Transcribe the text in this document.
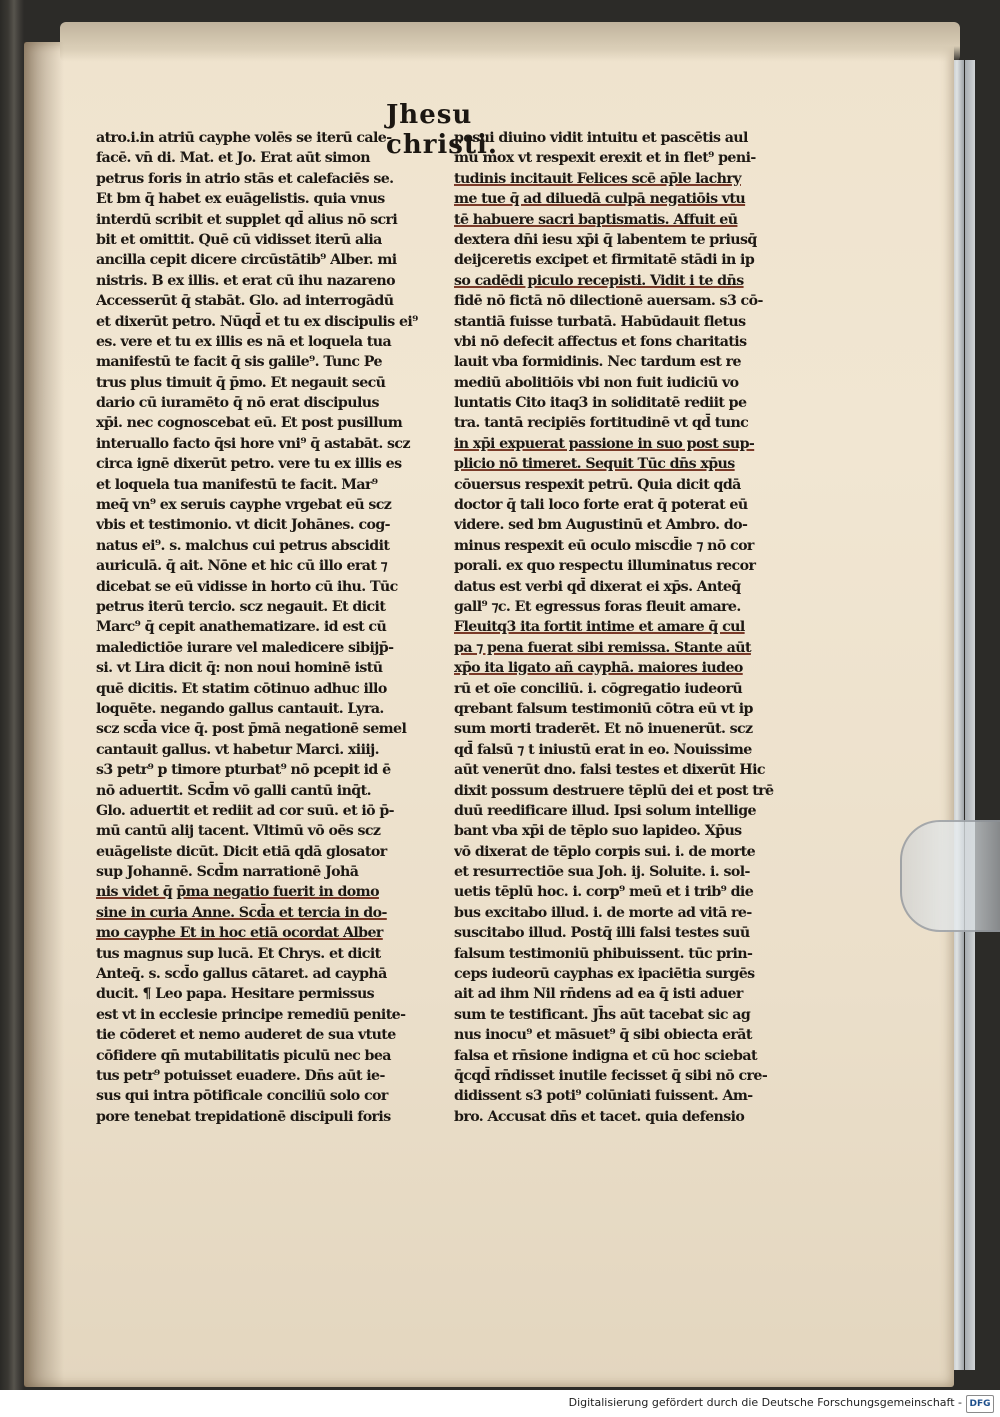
Jhesu christi.
atro.i.in atriū cayphe volēs se iterū cale-
facē. vn̄ di. Mat. et Jo. Erat aūt simon
petrus foris in atrio stās et calefaciēs se.
Et bm q̄ habet ex euāgelistis. quia vnus
interdū scribit et supplet qd̄ alius nō scri
bit et omittit. Quē cū vidisset iterū alia
ancilla cepit dicere circūstātib⁹ Alber. mi
nistris. B ex illis. et erat cū ihu nazareno
Accesserūt q̄ stabāt. Glo. ad interrogādū
et dixerūt petro. Nūqd̄ et tu ex discipulis ei⁹
es. vere et tu ex illis es nā et loquela tua
manifestū te facit q̄ sis galile⁹. Tunc Pe
trus plus timuit q̄ p̄mo. Et negauit secū
dario cū iuramēto q̄ nō erat discipulus
xp̄i. nec cognoscebat eū. Et post pusillum
interuallo facto q̄si hore vni⁹ q̄ astabāt. scz
circa ignē dixerūt petro. vere tu ex illis es
et loquela tua manifestū te facit. Mar⁹
meq̄ vn⁹ ex seruis cayphe vrgebat eū scz
vbis et testimonio. vt dicit Johānes. cog-
natus ei⁹. s. malchus cui petrus abscidit
auriculā. q̄ ait. Nōne et hic cū illo erat ⁊
dicebat se eū vidisse in horto cū ihu. Tūc
petrus iterū tercio. scz negauit. Et dicit
Marc⁹ q̄ cepit anathematizare. id est cū
maledictiōe iurare vel maledicere sibijp̄-
si. vt Lira dicit q̄: non noui hominē istū
quē dicitis. Et statim cōtinuo adhuc illo
loquēte. negando gallus cantauit. Lyra.
scz scd̄a vice q̄. post p̄mā negationē semel
cantauit gallus. vt habetur Marci. xiiij.
s3 petr⁹ p timore pturbat⁹ nō pcepit id ē
nō aduertit. Scd̄m vō galli cantū inq̄t.
Glo. aduertit et rediit ad cor suū. et iō p̄-
mū cantū alij tacent. Vltimū vō oēs scz
euāgeliste dicūt. Dicit etiā qdā glosator
sup Johannē. Scd̄m narrationē Johā
nis videt q̄ p̄ma negatio fuerit in domo
sine in curia Anne. Scd̄a et tercia in do-
mo cayphe Et in hoc etiā ocordat Alber
tus magnus sup lucā. Et Chrys. et dicit
Anteq̄. s. scd̄o gallus cātaret. ad cayphā
ducit. ¶ Leo papa. Hesitare permissus
est vt in ecclesie principe remediū penite-
tie cōderet et nemo auderet de sua vtute
cōfidere qn̄ mutabilitatis piculū nec bea
tus petr⁹ potuisset euadere. Dn̄s aūt ie-
sus qui intra pōtificale conciliū solo cor
pore tenebat trepidationē discipuli foris
posui diuino vidit intuitu et pascētis aul
mū mox vt respexit erexit et in flet⁹ peni-
tudinis incitauit Felices scē ap̄le lachry
me tue q̄ ad diluedā culpā negatiōis vtu
tē habuere sacri baptismatis. Affuit eū
dextera dn̄i iesu xp̄i q̄ labentem te priusq̄
deijceretis excipet et firmitatē stādi in ip
so cadēdi piculo recepisti. Vidit i te dn̄s
fidē nō fictā nō dilectionē auersam. s3 cō-
stantiā fuisse turbatā. Habūdauit fletus
vbi nō defecit affectus et fons charitatis
lauit vba formidinis. Nec tardum est re
mediū abolitiōis vbi non fuit iudiciū vo
luntatis Cito itaq3 in soliditatē rediit pe
tra. tantā recipiēs fortitudinē vt qd̄ tunc
in xp̄i expuerat passione in suo post sup-
plicio nō timeret. Sequit Tūc dn̄s xp̄us
cōuersus respexit petrū. Quia dicit qdā
doctor q̄ tali loco forte erat q̄ poterat eū
videre. sed bm Augustinū et Ambro. do-
minus respexit eū oculo miscd̄ie ⁊ nō cor
porali. ex quo respectu illuminatus recor
datus est verbi qd̄ dixerat ei xp̄s. Anteq̄
gall⁹ ⁊c. Et egressus foras fleuit amare.
Fleuitq3 ita fortit intime et amare q̄ cul
pa ⁊ pena fuerat sibi remissa. Stante aūt
xp̄o ita ligato añ cayphā. maiores iudeo
rū et oīe conciliū. i. cōgregatio iudeorū
qrebant falsum testimoniū cōtra eū vt ip
sum morti traderēt. Et nō inuenerūt. scz
qd̄ falsū ⁊ t iniustū erat in eo. Nouissime
aūt venerūt dno. falsi testes et dixerūt Hic
dixit possum destruere tēplū dei et post trē
duū reedificare illud. Ipsi solum intellige
bant vba xp̄i de tēplo suo lapideo. Xp̄us
vō dixerat de tēplo corpis sui. i. de morte
et resurrectiōe sua Joh. ij. Soluite. i. sol-
uetis tēplū hoc. i. corp⁹ meū et i trib⁹ die
bus excitabo illud. i. de morte ad vitā re-
suscitabo illud. Postq̄ illi falsi testes suū
falsum testimoniū phibuissent. tūc prin-
ceps iudeorū cayphas ex ipaciētia surgēs
ait ad ihm Nil rn̄dens ad ea q̄ isti aduer
sum te testificant. Jh̄s aūt tacebat sic ag
nus inocu⁹ et māsuet⁹ q̄ sibi obiecta erāt
falsa et rn̄sione indigna et cū hoc sciebat
q̄cqd̄ rn̄disset inutile fecisset q̄ sibi nō cre-
didissent s3 poti⁹ colūniati fuissent. Am-
bro. Accusat dn̄s et tacet. quia defensio
Digitalisierung gefördert durch die Deutsche Forschungsgemeinschaft - DFG
